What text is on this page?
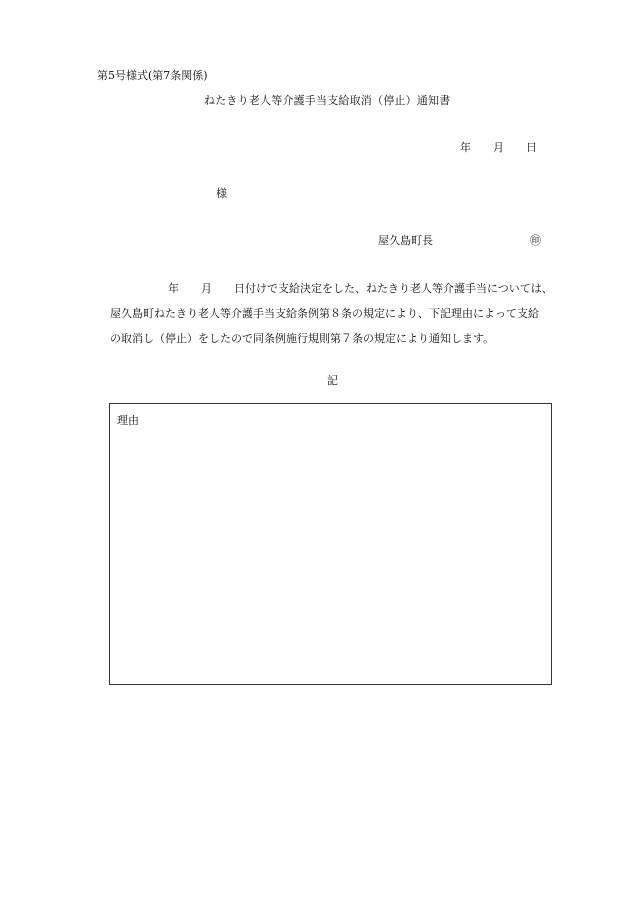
第5号様式(第7条関係)
ねたきり老人等介護手当支給取消（停止）通知書
年 月 日
様
屋久島町長	㊞

年 月 日付けで支給決定をした、ねたきり老人等介護手当については、

屋久島町ねたきり老人等介護手当支給条例第８条の規定により、下記理由によって支給

の取消し（停止）をしたので同条例施行規則第７条の規定により通知します。

記
理由
